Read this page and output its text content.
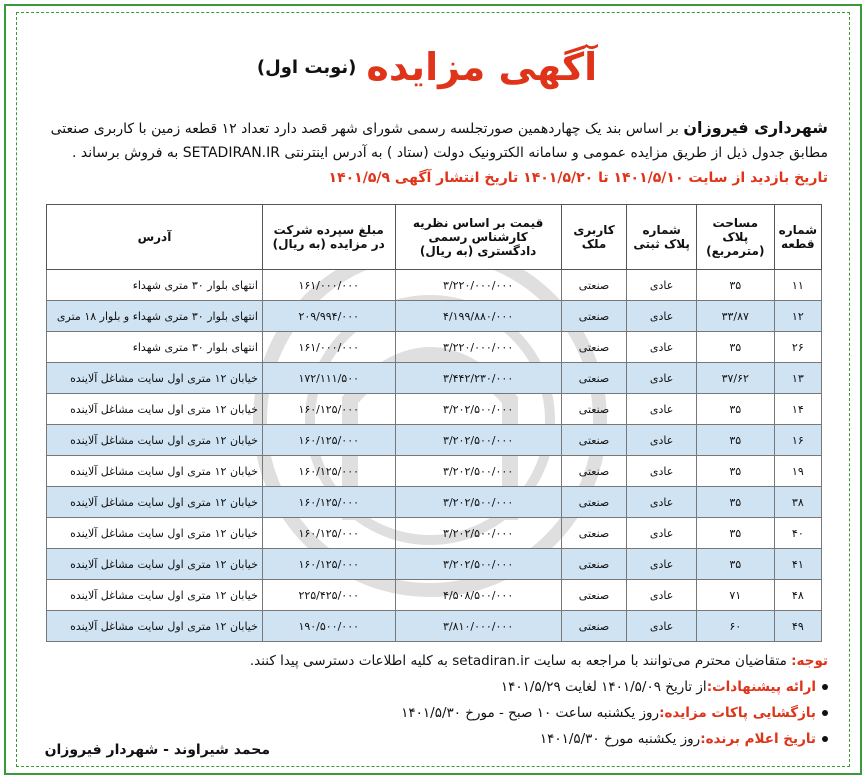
آگهی مزایده
(نوبت اول)
شهرداری فیروزان بر اساس بند یک چهاردهمین صورتجلسه رسمی شورای شهر قصد دارد تعداد ۱۲ قطعه زمین با کاربری صنعتی
مطابق جدول ذیل از طریق مزایده عمومی و سامانه الکترونیک دولت (ستاد ) به آدرس اینترنتی SETADIRAN.IR به فروش برساند .
تاریخ بازدید از سایت ۱۴۰۱/۵/۱۰ تا ۱۴۰۱/۵/۲۰ تاریخ انتشار آگهی ۱۴۰۱/۵/۹
شماره قطعه	مساحت پلاک (مترمربع)	شماره پلاک ثبتی	کاربری ملک	قیمت بر اساس نظریه کارشناس رسمی دادگستری (به ریال)	مبلغ سپرده شرکت در مزایده (به ریال)	آدرس
۱۱	۳۵	عادی	صنعتی	۳/۲۲۰/۰۰۰/۰۰۰	۱۶۱/۰۰۰/۰۰۰	انتهای بلوار ۳۰ متری شهداء
۱۲	۳۳/۸۷	عادی	صنعتی	۴/۱۹۹/۸۸۰/۰۰۰	۲۰۹/۹۹۴/۰۰۰	انتهای بلوار ۳۰ متری شهداء و بلوار ۱۸ متری
۲۶	۳۵	عادی	صنعتی	۳/۲۲۰/۰۰۰/۰۰۰	۱۶۱/۰۰۰/۰۰۰	انتهای بلوار ۳۰ متری شهداء
۱۳	۳۷/۶۲	عادی	صنعتی	۳/۴۴۲/۲۳۰/۰۰۰	۱۷۲/۱۱۱/۵۰۰	خیابان ۱۲ متری اول سایت مشاغل آلاینده
۱۴	۳۵	عادی	صنعتی	۳/۲۰۲/۵۰۰/۰۰۰	۱۶۰/۱۲۵/۰۰۰	خیابان ۱۲ متری اول سایت مشاغل آلاینده
۱۶	۳۵	عادی	صنعتی	۳/۲۰۲/۵۰۰/۰۰۰	۱۶۰/۱۲۵/۰۰۰	خیابان ۱۲ متری اول سایت مشاغل آلاینده
۱۹	۳۵	عادی	صنعتی	۳/۲۰۲/۵۰۰/۰۰۰	۱۶۰/۱۲۵/۰۰۰	خیابان ۱۲ متری اول سایت مشاغل آلاینده
۳۸	۳۵	عادی	صنعتی	۳/۲۰۲/۵۰۰/۰۰۰	۱۶۰/۱۲۵/۰۰۰	خیابان ۱۲ متری اول سایت مشاغل آلاینده
۴۰	۳۵	عادی	صنعتی	۳/۲۰۲/۵۰۰/۰۰۰	۱۶۰/۱۲۵/۰۰۰	خیابان ۱۲ متری اول سایت مشاغل آلاینده
۴۱	۳۵	عادی	صنعتی	۳/۲۰۲/۵۰۰/۰۰۰	۱۶۰/۱۲۵/۰۰۰	خیابان ۱۲ متری اول سایت مشاغل آلاینده
۴۸	۷۱	عادی	صنعتی	۴/۵۰۸/۵۰۰/۰۰۰	۲۲۵/۴۲۵/۰۰۰	خیابان ۱۲ متری اول سایت مشاغل آلاینده
۴۹	۶۰	عادی	صنعتی	۳/۸۱۰/۰۰۰/۰۰۰	۱۹۰/۵۰۰/۰۰۰	خیابان ۱۲ متری اول سایت مشاغل آلاینده
توجه:

متقاضیان محترم می‌توانند با مراجعه به سایت setadiran.ir به کلیه اطلاعات دسترسی پیدا کنند.
ارائه پیشنهادات:
از تاریخ ۱۴۰۱/۵/۰۹ لغایت ۱۴۰۱/۵/۲۹
بازگشایی پاکات مزایده:
روز یکشنبه ساعت ۱۰ صبح - مورخ ۱۴۰۱/۵/۳۰
تاریخ اعلام برنده:
روز یکشنبه مورخ ۱۴۰۱/۵/۳۰
محمد شیراوند - شهردار فیروزان
